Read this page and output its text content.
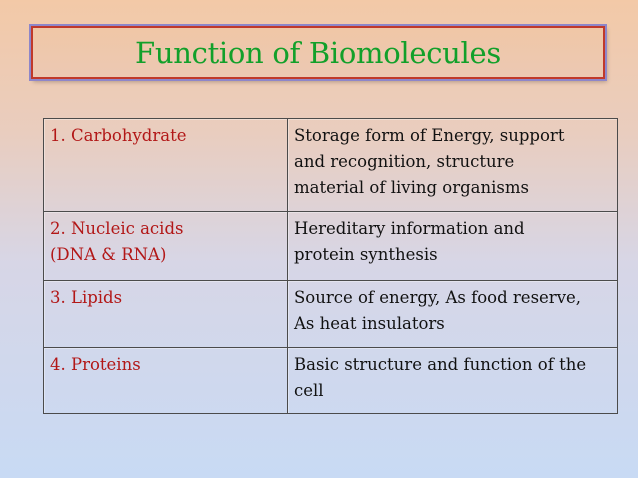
Function of Biomolecules
1. Carbohydrate	Storage form of Energy, support
and recognition, structure
material of living organisms

2. Nucleic acids
(DNA & RNA)	Hereditary information and
protein synthesis

3. Lipids	Source of energy, As food reserve,
As heat insulators

4. Proteins	Basic structure and function of the
cell
